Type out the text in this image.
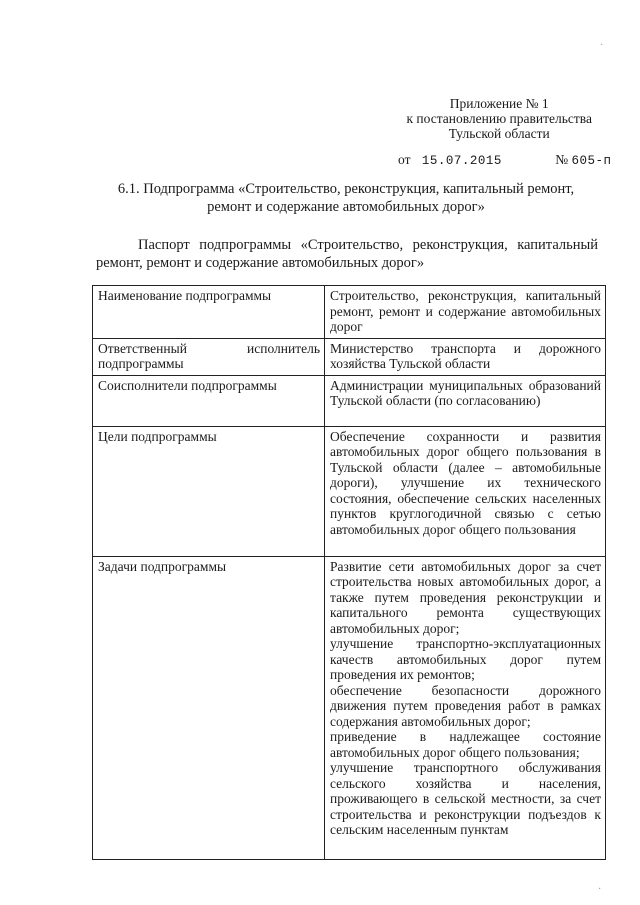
Приложение № 1
к постановлению правительства
Тульской области
от 15.07.2015	№ 605-п
6.1. Подпрограмма «Строительство, реконструкция, капитальный ремонт,
ремонт и содержание автомобильных дорог»
Паспорт подпрограммы «Строительство, реконструкция, капитальный ремонт, ремонт и содержание автомобильных дорог»
Наименование подпрограммы	Строительство, реконструкция, капитальный ремонт, ремонт и содержание автомобильных дорог
Ответственный исполнитель подпрограммы	Министерство транспорта и дорожного хозяйства Тульской области
Соисполнители подпрограммы	Администрации муниципальных образований Тульской области (по согласованию)
Цели подпрограммы	Обеспечение сохранности и развития автомобильных дорог общего пользования в Тульской области (далее – автомобильные дороги), улучшение их технического состояния, обеспечение сельских населенных пунктов круглогодичной связью с сетью автомобильных дорог общего пользования
Задачи подпрограммы	Развитие сети автомобильных дорог за счет строительства новых автомобильных дорог, а также путем проведения реконструкции и капитального ремонта существующих автомобильных дорог;
улучшение транспортно-эксплуатационных качеств автомобильных дорог путем проведения их ремонтов;
обеспечение безопасности дорожного движения путем проведения работ в рамках содержания автомобильных дорог;
приведение в надлежащее состояние автомобильных дорог общего пользования;
улучшение транспортного обслуживания сельского хозяйства и населения, проживающего в сельской местности, за счет строительства и реконструкции подъездов к сельским населенным пунктам
·
·
